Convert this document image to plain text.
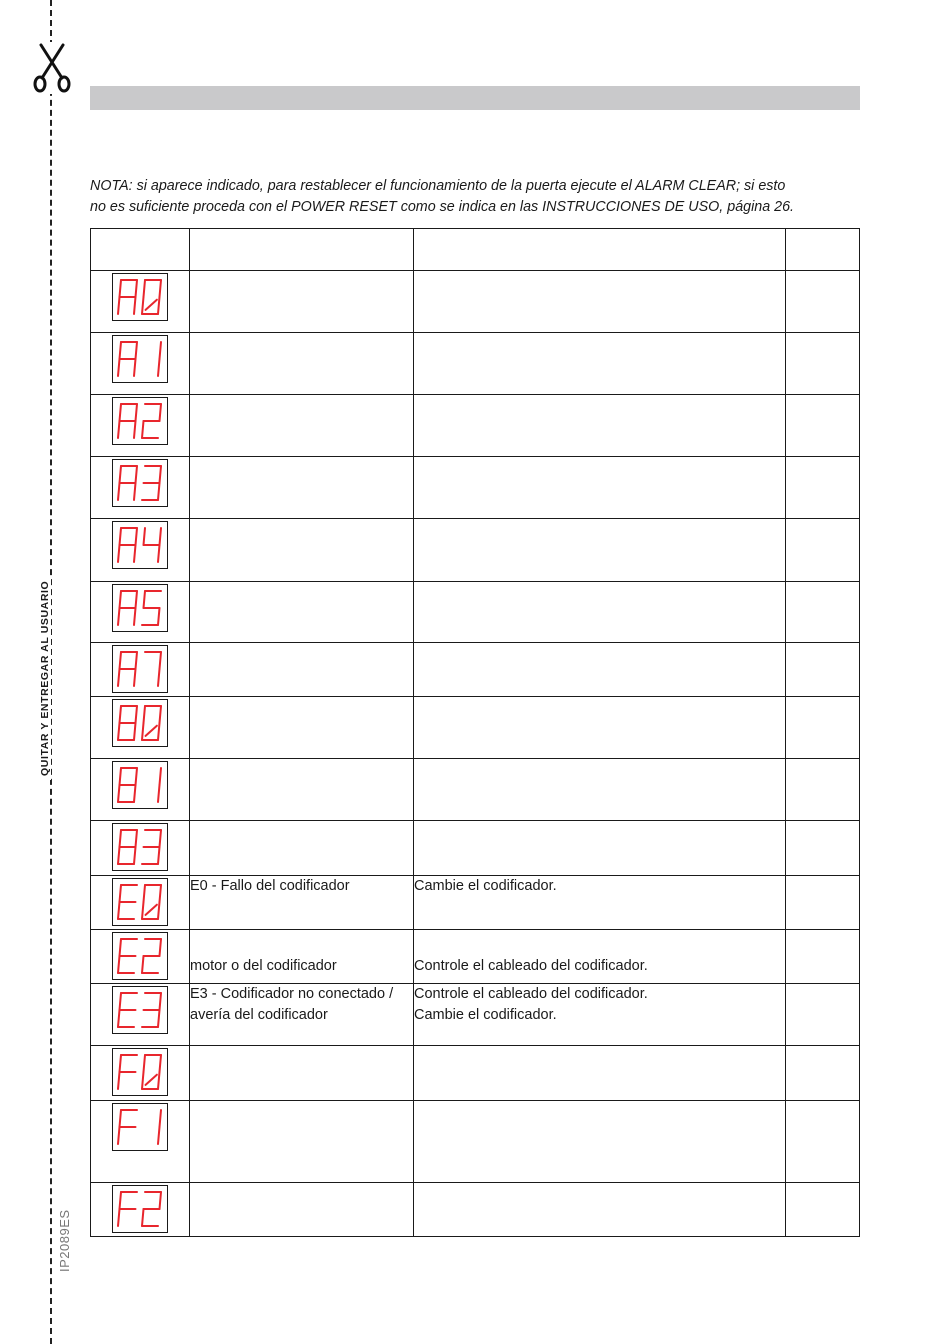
QUITAR Y ENTREGAR AL USUARIO
IP2089ES

NOTA: si aparece indicado, para restablecer el funcionamiento de la puerta ejecute el ALARM CLEAR; si esto

no es suficiente proceda con el POWER RESET como se indica en las INSTRUCCIONES DE USO, página 26.

	E0 - Fallo del codificador	Cambie el codificador.	

	motor o del codificador	Controle el cableado del codificador.	

	E3 - Codificador no conectado / avería del codificador	Controle el cableado del codificador.
Cambie el codificador.	
